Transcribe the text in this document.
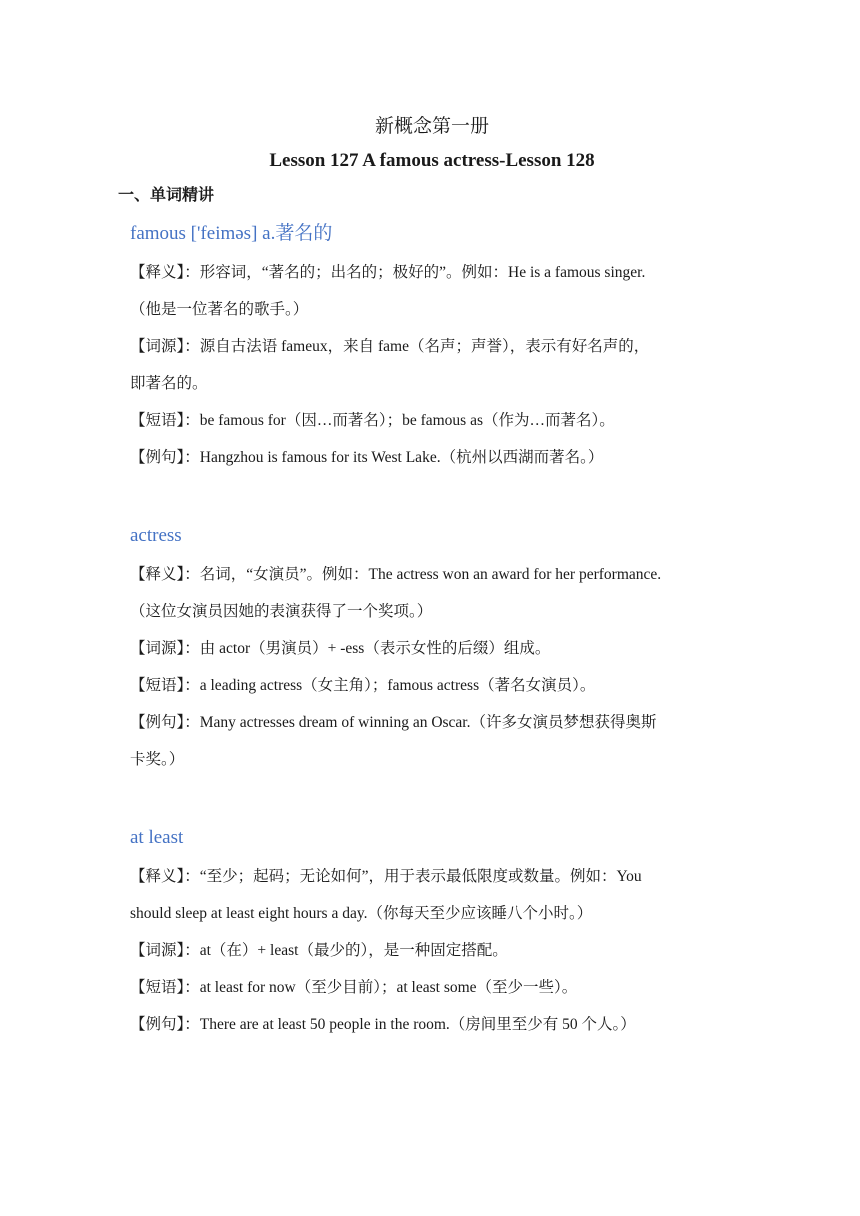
新概念第一册

Lesson 127 A famous actress-Lesson 128

一、单词精讲

famous ['feiməs] a.著名的

【释义】：形容词，“著名的；出名的；极好的”。例如：He is a famous singer.

（他是一位著名的歌手。）

【词源】：源自古法语 fameux，来自 fame（名声；声誉），表示有好名声的，

即著名的。

【短语】：be famous for（因…而著名）；be famous as（作为…而著名）。

【例句】：Hangzhou is famous for its West Lake.（杭州以西湖而著名。）

actress

【释义】：名词，“女演员”。例如：The actress won an award for her performance.

（这位女演员因她的表演获得了一个奖项。）

【词源】：由 actor（男演员）+ -ess（表示女性的后缀）组成。

【短语】：a leading actress（女主角）；famous actress（著名女演员）。

【例句】：Many actresses dream of winning an Oscar.（许多女演员梦想获得奥斯

卡奖。）

at least

【释义】：“至少；起码；无论如何”，用于表示最低限度或数量。例如：You

should sleep at least eight hours a day.（你每天至少应该睡八个小时。）

【词源】：at（在）+ least（最少的），是一种固定搭配。

【短语】：at least for now（至少目前）；at least some（至少一些）。

【例句】：There are at least 50 people in the room.（房间里至少有 50 个人。）
